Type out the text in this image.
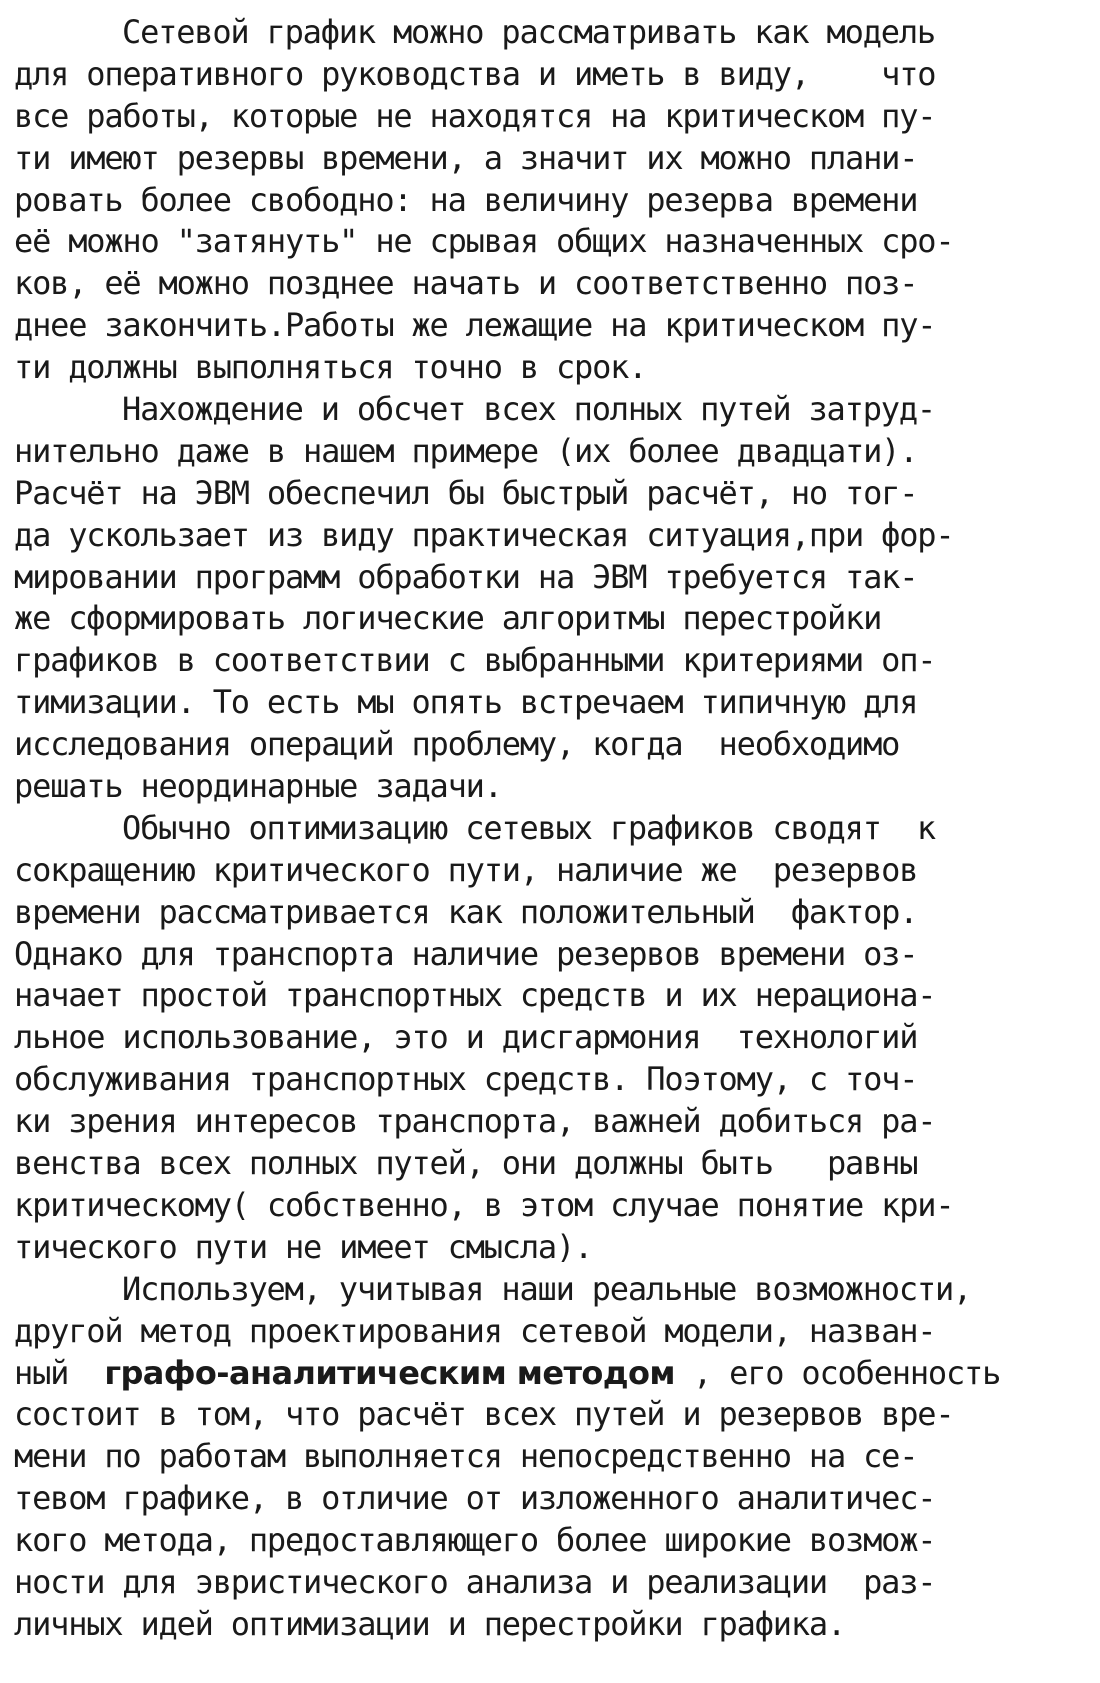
Сетевой график можно рассматривать как модель
для оперативного руководства и иметь в виду,    что
все работы, которые не находятся на критическом пу-
ти имеют резервы времени, а значит их можно плани-
ровать более свободно: на величину резерва времени
её можно "затянуть" не срывая общих назначенных сро-
ков, её можно позднее начать и соответственно поз-
днее закончить.Работы же лежащие на критическом пу-
ти должны выполняться точно в срок.
Нахождение и обсчет всех полных путей затруд-
нительно даже в нашем примере (их более двадцати).
Расчёт на ЭВМ обеспечил бы быстрый расчёт, но тог-
да ускользает из виду практическая ситуация,при фор-
мировании программ обработки на ЭВМ требуется так-
же сформировать логические алгоритмы перестройки
графиков в соответствии с выбранными критериями оп-
тимизации. То есть мы опять встречаем типичную для
исследования операций проблему, когда  необходимо
решать неординарные задачи.
Обычно оптимизацию сетевых графиков сводят  к
сокращению критического пути, наличие же  резервов
времени рассматривается как положительный  фактор.
Однако для транспорта наличие резервов времени оз-
начает простой транспортных средств и их нерациона-
льное использование, это и дисгармония  технологий
обслуживания транспортных средств. Поэтому, с точ-
ки зрения интересов транспорта, важней добиться ра-
венства всех полных путей, они должны быть   равны
критическому( собственно, в этом случае понятие кри-
тического пути не имеет смысла).
Используем, учитывая наши реальные возможности,
другой метод проектирования сетевой модели, назван-
ный  графо-аналитическим методом , его особенность
состоит в том, что расчёт всех путей и резервов вре-
мени по работам выполняется непосредственно на се-
тевом графике, в отличие от изложенного аналитичес-
кого метода, предоставляющего более широкие возмож-
ности для эвристического анализа и реализации  раз-
личных идей оптимизации и перестройки графика.
